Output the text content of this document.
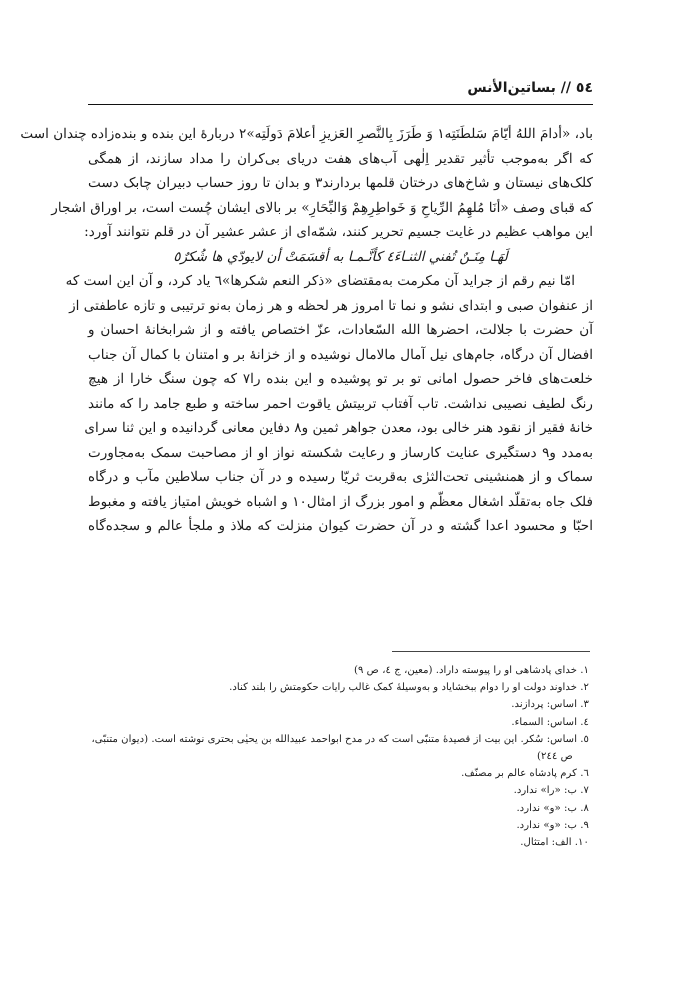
٥٤ // بساتین‌الأنس
باد، «أدامَ اللهُ أيّامَ سَلطَنَتِه١ وَ طَرَزَ بِالنَّصرِ العَزيزِ أعلامَ دَولَتِه»٢ دربارهٔ این بنده و بنده‌زاده چندان است
که اگر به‌موجب تأثیر تقدیر اِلٰهی آب‌های هفت دریای بی‌کران را مداد سازند، از همگی
کلک‌های نیستان و شاخ‌های درختان قلمها بردارند٣ و بدان تا روز حساب دبیران چابک دست
که قبای وصف «أنَا مُلهِمُ الرِّياحِ وَ خَواطِرِهِمْ وَالبِّحَارِ» بر بالای ایشان چُست است، بر اوراق اشجار
این مواهب عظیم در غایت جسیم تحریر کنند، شمّه‌ای از عشر عشیر آن در قلم نتوانند آورد:
لَهَـا مِنَـنٌ تُفني الثنـاءَ٤ كأنَّـمـا به أقسَمَتْ أن لايودّي ها شُكرٌ٥
امّا نیم رقم از جراید آن مکرمت به‌مقتضای «ذکر النعم شکرها»٦ یاد کرد، و آن این است که
از عنفوان صبی و ابتدای نشو و نما تا امروز هر لحظه و هر زمان به‌نو ترتیبی و تازه عاطفتی از
آن حضرت با جلالت، احضرها الله السّعادات، عزّ اختصاص یافته و از شرابخانهٔ احسان و
افضال آن درگاه، جام‌های نیل آمال مالامال نوشیده و از خزانهٔ بر و امتنان با کمال آن جناب
خلعت‌های فاخر حصول امانی تو بر تو پوشیده و این بنده را٧ که چون سنگ خارا از هیچ
رنگ لطیف نصیبی نداشت. تاب آفتاب تربیتش یاقوت احمر ساخته و طبع جامد را که مانند
خانهٔ فقیر از نقود هنر خالی بود، معدن جواهر ثمین و٨ دفاین معانی گردانیده و این ثنا سرای
به‌مدد و٩ دستگیری عنایت کارساز و رعایت شکسته نواز او از مصاحبت سمک به‌مجاورت
سماک و از همنشینی تحت‌الثرٰی به‌قربت ثریّا رسیده و در آن جناب سلاطین مآب و درگاه
فلک جاه به‌تقلّد اشغال معظّم و امور بزرگ از امثال١٠ و اشباه خویش امتیاز یافته و مغبوط
احبّا و محسود اعدا گشته و در آن حضرت کیوان منزلت که ملاذ و ملجأ عالم و سجده‌گاه
١. خدای پادشاهی او را پیوسته داراد. (معین، ج ٤، ص ٩)
٢. خداوند دولت او را دوام ببخشاياد و به‌وسیلهٔ کمک غالب رایات حکومتش را بلند کناد.
٣. اساس: پردازند.
٤. اساس: السماء.
٥. اساس: سُکر. این بیت از قصیدهٔ متنبّی است که در مدح ابواحمد عبیدالله بن یحیٰی بحتری نوشته است. (دیوان متنبّی،
ص ٢٤٤)
٦. کرم پادشاه عالم بر مصنّف.
٧. ب: «را» ندارد.
٨. ب: «و» ندارد.
٩. ب: «و» ندارد.
١٠. الف: امتثال.
